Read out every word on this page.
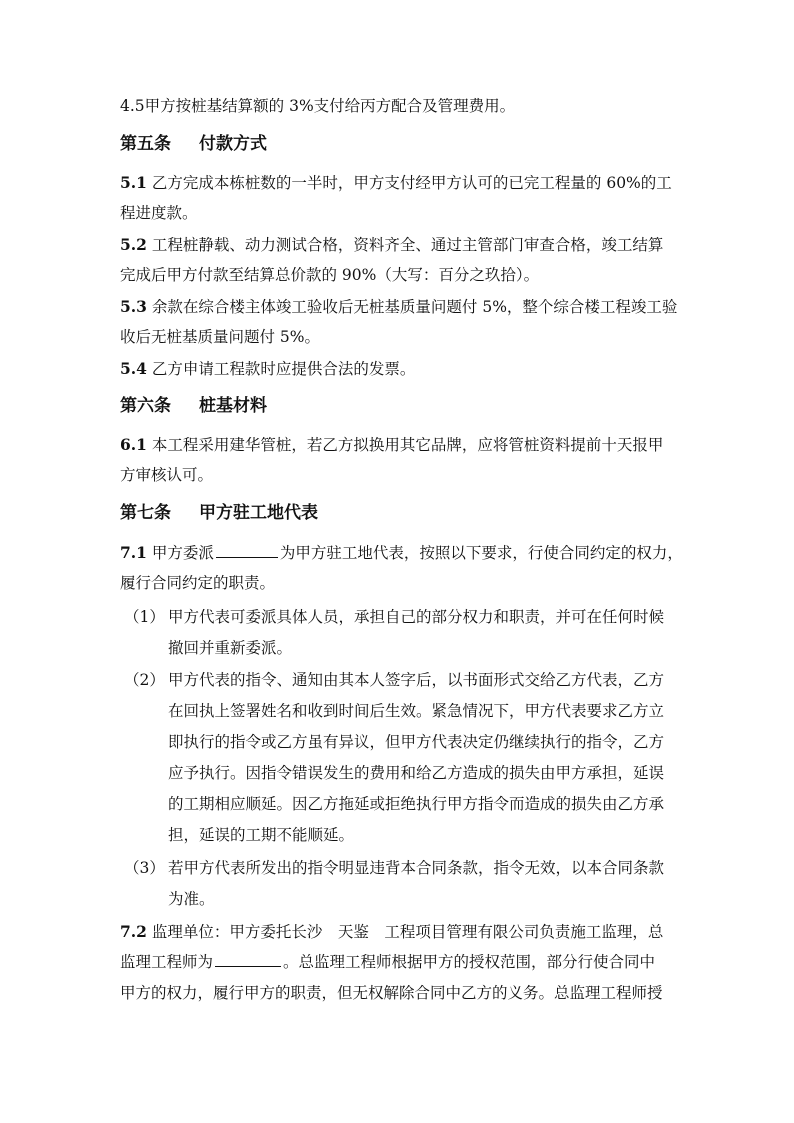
4.5甲方按桩基结算额的 3%支付给丙方配合及管理费用。
第五条 付款方式
5.1 乙方完成本栋桩数的一半时，甲方支付经甲方认可的已完工程量的 60%的工
程进度款。
5.2 工程桩静载、动力测试合格，资料齐全、通过主管部门审查合格，竣工结算
完成后甲方付款至结算总价款的 90%（大写：百分之玖拾）。
5.3 余款在综合楼主体竣工验收后无桩基质量问题付 5%，整个综合楼工程竣工验
收后无桩基质量问题付 5%。
5.4 乙方申请工程款时应提供合法的发票。
第六条 桩基材料
6.1 本工程采用建华管桩，若乙方拟换用其它品牌，应将管桩资料提前十天报甲
方审核认可。
第七条 甲方驻工地代表
7.1 甲方委派	为甲方驻工地代表，按照以下要求，行使合同约定的权力，
履行合同约定的职责。
（1） 甲方代表可委派具体人员，承担自己的部分权力和职责，并可在任何时候
撤回并重新委派。
（2） 甲方代表的指令、通知由其本人签字后，以书面形式交给乙方代表，乙方
在回执上签署姓名和收到时间后生效。紧急情况下，甲方代表要求乙方立
即执行的指令或乙方虽有异议，但甲方代表决定仍继续执行的指令，乙方
应予执行。因指令错误发生的费用和给乙方造成的损失由甲方承担，延误
的工期相应顺延。因乙方拖延或拒绝执行甲方指令而造成的损失由乙方承
担，延误的工期不能顺延。
（3） 若甲方代表所发出的指令明显违背本合同条款，指令无效，以本合同条款
为准。
7.2 监理单位：甲方委托长沙　天鉴　工程项目管理有限公司负责施工监理，总
监理工程师为	。总监理工程师根据甲方的授权范围，部分行使合同中
甲方的权力，履行甲方的职责，但无权解除合同中乙方的义务。总监理工程师授
